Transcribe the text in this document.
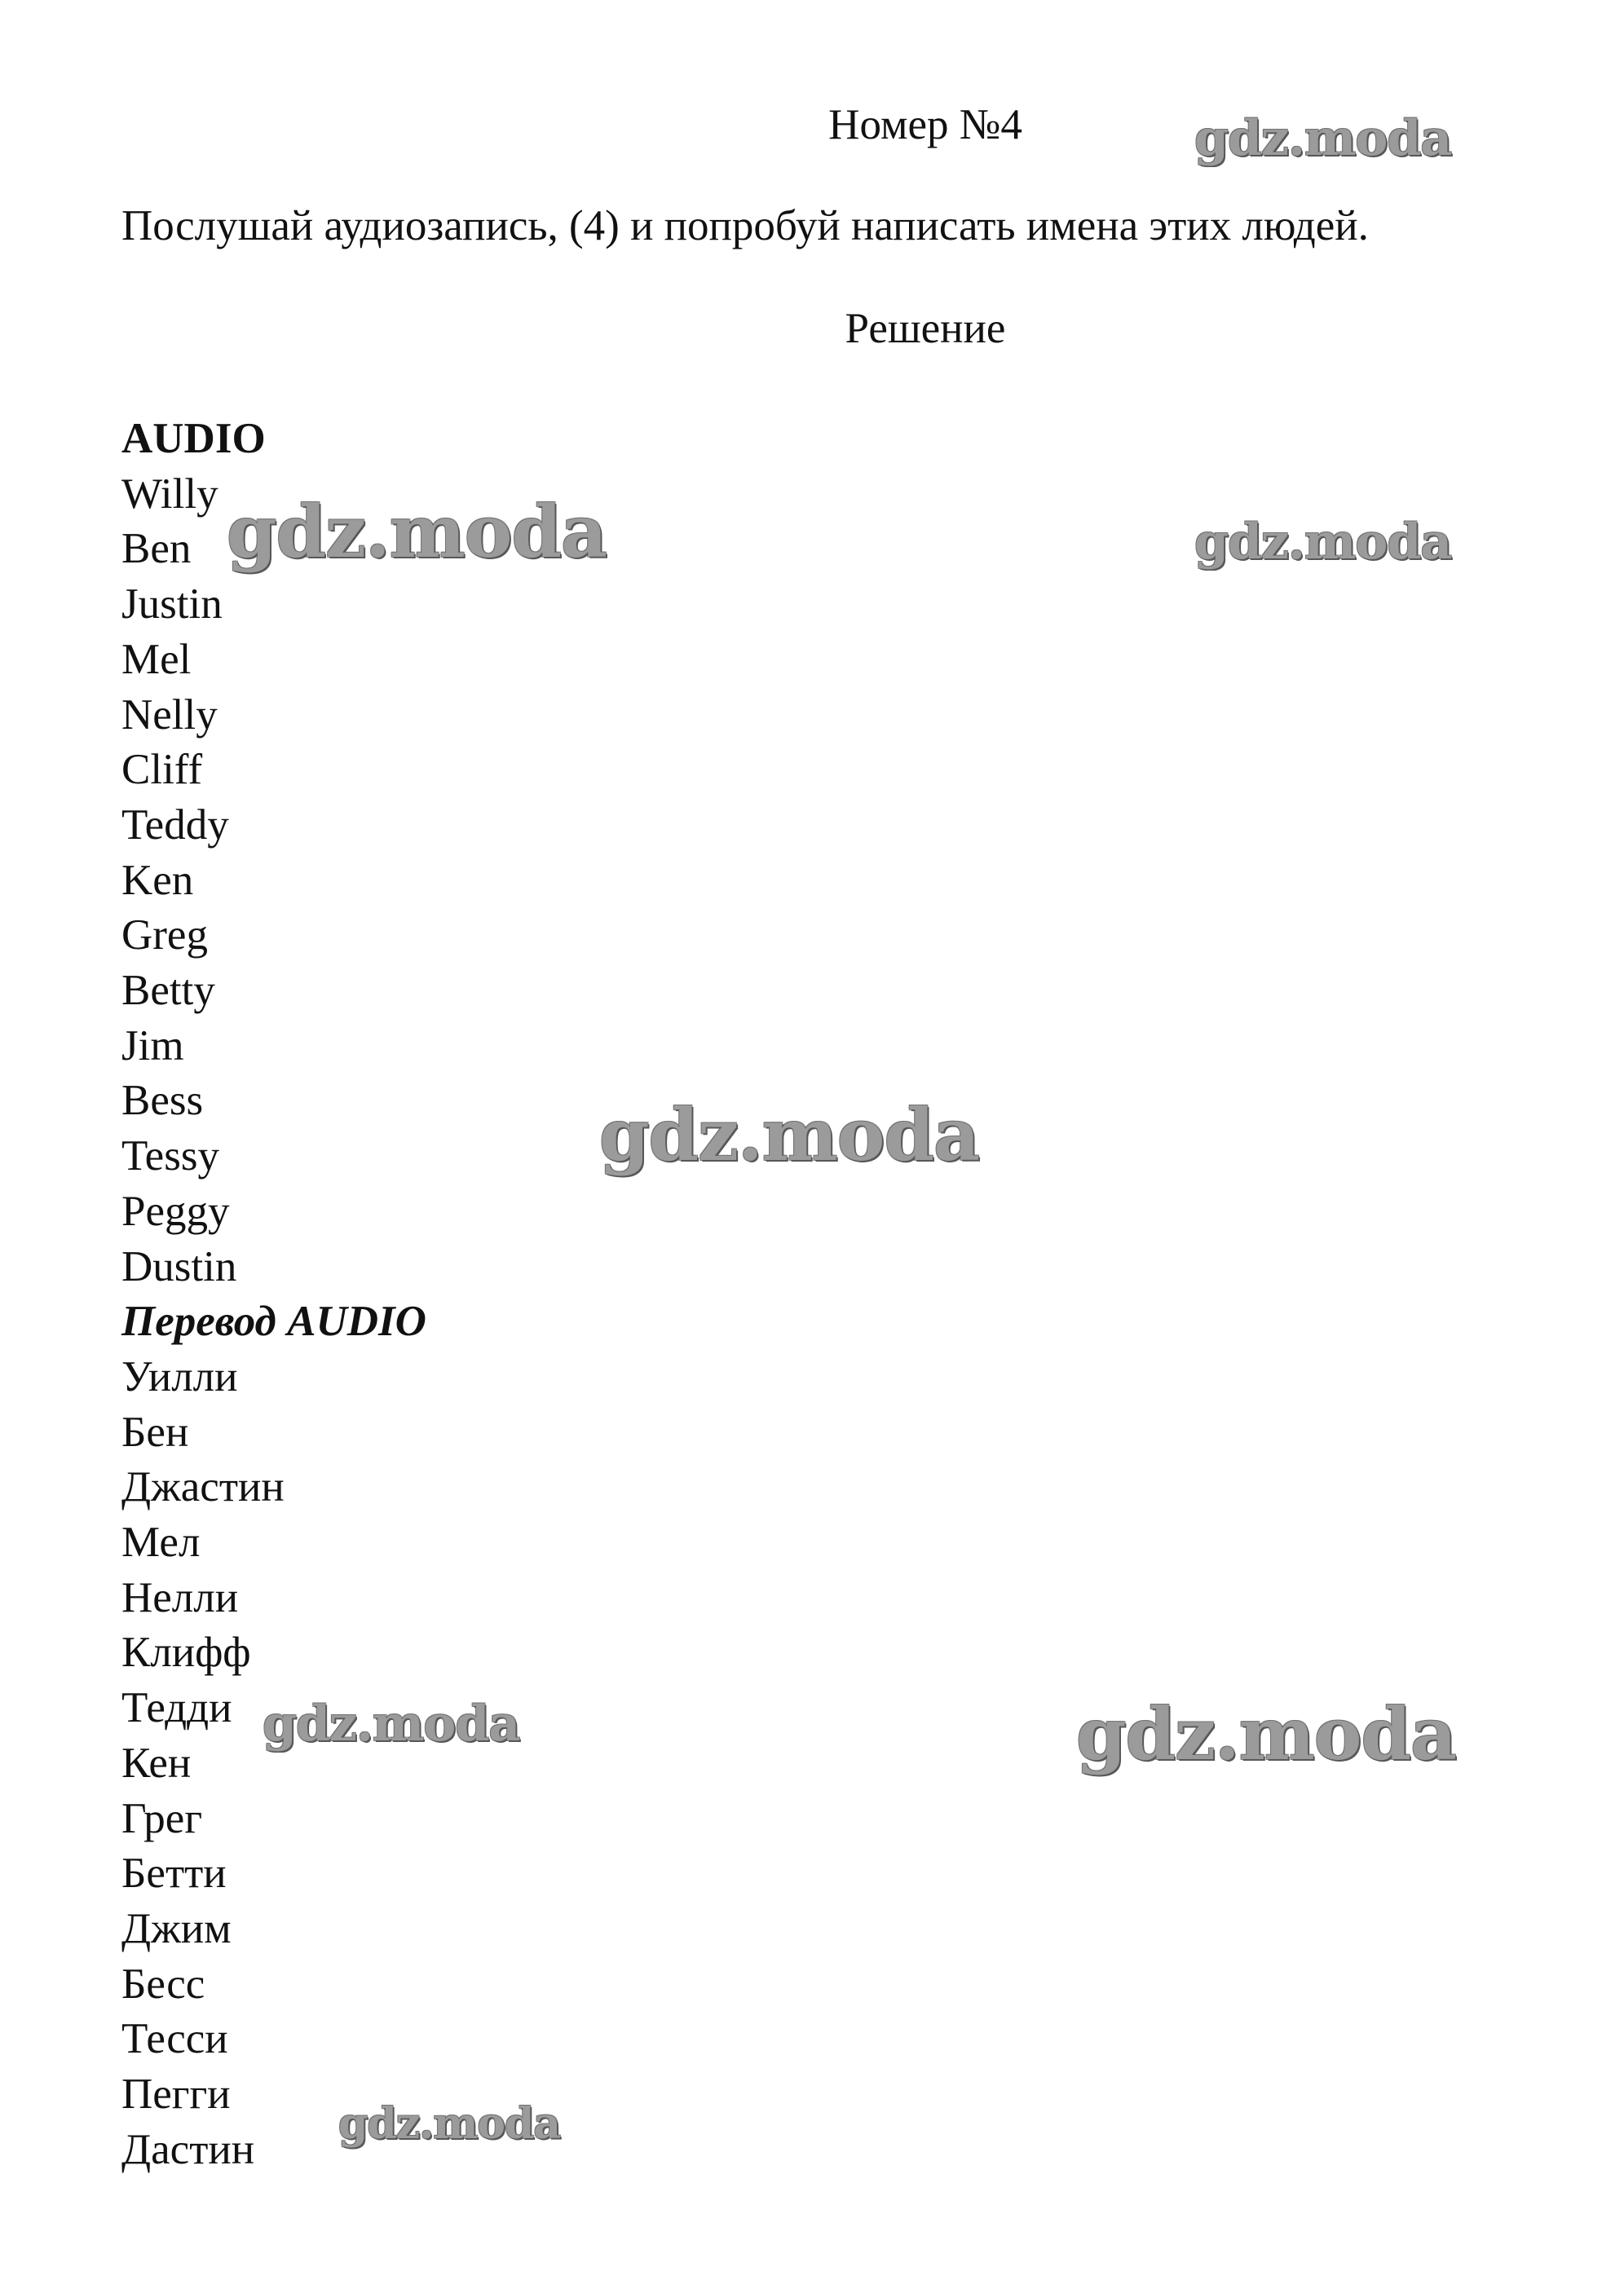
Номер №4
Послушай аудиозапись, (4) и попробуй написать имена этих людей.
Решение
AUDIO
Willy
Ben
Justin
Mel
Nelly
Cliff
Teddy
Ken
Greg
Betty
Jim
Bess
Tessy
Peggy
Dustin
Перевод AUDIO
Уилли
Бен
Джастин
Мел
Нелли
Клифф
Тедди
Кен
Грег
Бетти
Джим
Бесс
Тесси
Пегги
Дастин
gdz.moda
gdz.moda	gdz.moda
gdz.moda
gdz.moda	gdz.moda
gdz.moda
